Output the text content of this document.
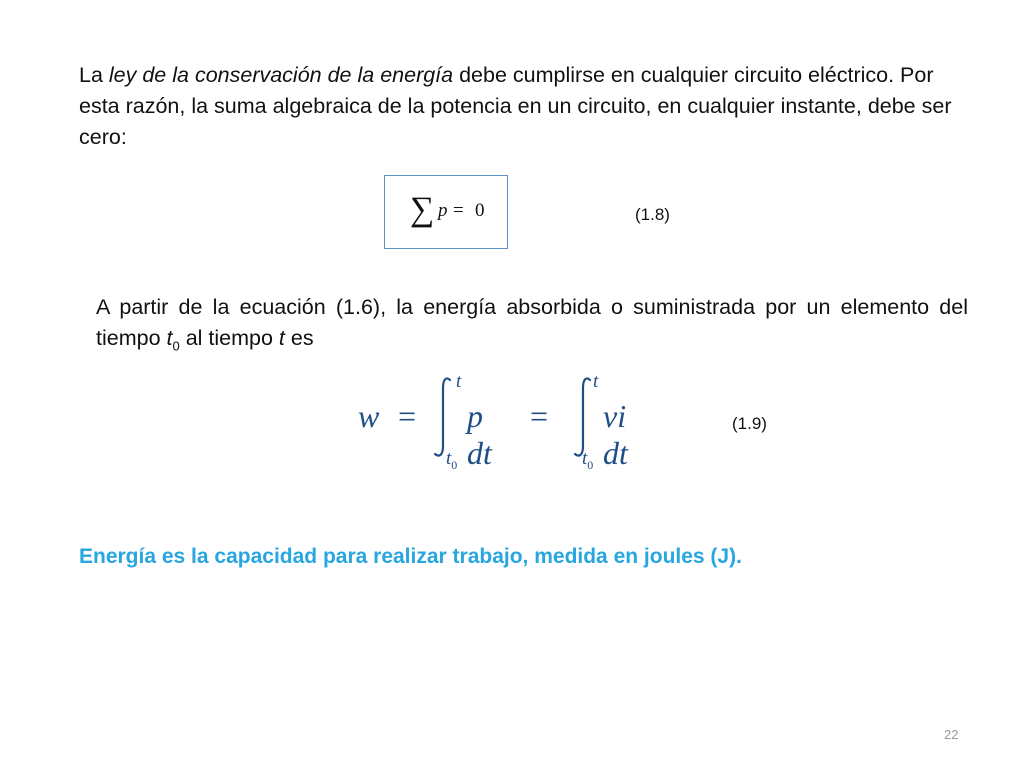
La ley de la conservación de la energía debe cumplirse en cualquier circuito eléctrico. Por esta razón, la suma algebraica de la potencia en un circuito, en cualquier instante, debe ser cero:

∑ p = 0	(1.8)

A partir de la ecuación (1.6), la energía absorbida o suministrada por un elemento del tiempo $t_0$ al tiempo t es

w =
t
$t_0$
p dt
=
t
$t_0$
vi dt
(1.9)

Energía es la capacidad para realizar trabajo, medida en joules (J).

22
